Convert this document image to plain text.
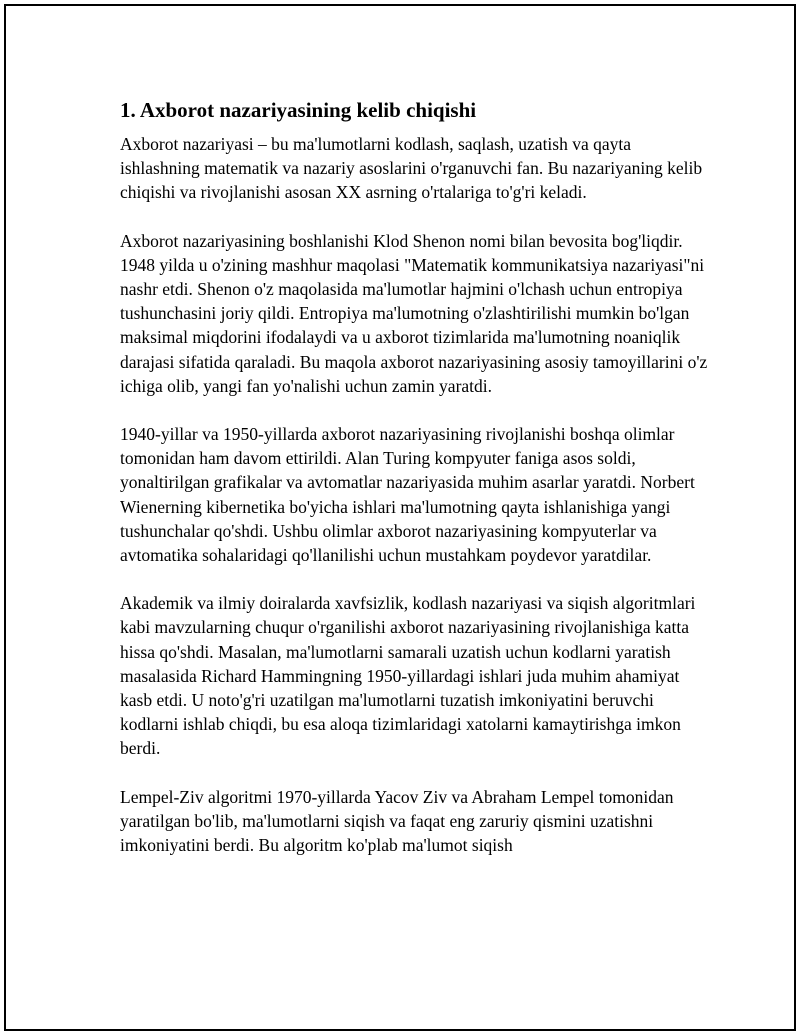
1. Axborot nazariyasining kelib chiqishi

Axborot nazariyasi – bu ma'lumotlarni kodlash, saqlash, uzatish va qayta ishlashning matematik va nazariy asoslarini o'rganuvchi fan. Bu nazariyaning kelib chiqishi va rivojlanishi asosan XX asrning o'rtalariga to'g'ri keladi.

Axborot nazariyasining boshlanishi Klod Shenon nomi bilan bevosita bog'liqdir. 1948 yilda u o'zining mashhur maqolasi "Matematik kommunikatsiya nazariyasi"ni nashr etdi. Shenon o'z maqolasida ma'lumotlar hajmini o'lchash uchun entropiya tushunchasini joriy qildi. Entropiya ma'lumotning o'zlashtirilishi mumkin bo'lgan maksimal miqdorini ifodalaydi va u axborot tizimlarida ma'lumotning noaniqlik darajasi sifatida qaraladi. Bu maqola axborot nazariyasining asosiy tamoyillarini o'z ichiga olib, yangi fan yo'nalishi uchun zamin yaratdi.

1940-yillar va 1950-yillarda axborot nazariyasining rivojlanishi boshqa olimlar tomonidan ham davom ettirildi. Alan Turing kompyuter faniga asos soldi, yonaltirilgan grafikalar va avtomatlar nazariyasida muhim asarlar yaratdi. Norbert Wienerning kibernetika bo'yicha ishlari ma'lumotning qayta ishlanishiga yangi tushunchalar qo'shdi. Ushbu olimlar axborot nazariyasining kompyuterlar va avtomatika sohalaridagi qo'llanilishi uchun mustahkam poydevor yaratdilar.

Akademik va ilmiy doiralarda xavfsizlik, kodlash nazariyasi va siqish algoritmlari kabi mavzularning chuqur o'rganilishi axborot nazariyasining rivojlanishiga katta hissa qo'shdi. Masalan, ma'lumotlarni samarali uzatish uchun kodlarni yaratish masalasida Richard Hammingning 1950-yillardagi ishlari juda muhim ahamiyat kasb etdi. U noto'g'ri uzatilgan ma'lumotlarni tuzatish imkoniyatini beruvchi kodlarni ishlab chiqdi, bu esa aloqa tizimlaridagi xatolarni kamaytirishga imkon berdi.

Lempel-Ziv algoritmi 1970-yillarda Yacov Ziv va Abraham Lempel tomonidan yaratilgan bo'lib, ma'lumotlarni siqish va faqat eng zaruriy qismini uzatishni imkoniyatini berdi. Bu algoritm ko'plab ma'lumot siqish
